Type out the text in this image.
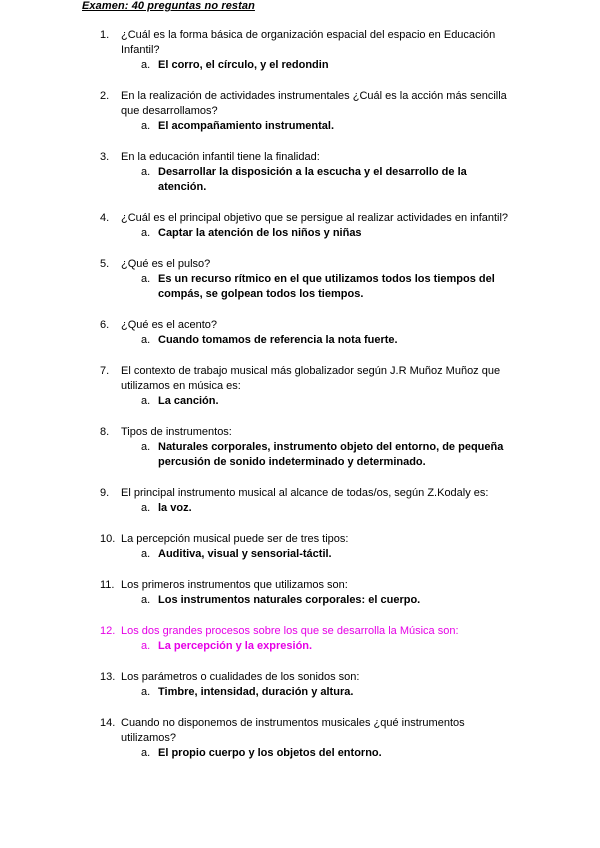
Examen: 40 preguntas no restan
1.	¿Cuál es la forma básica de organización espacial del espacio en Educación Infantil?
a. El corro, el círculo, y el redondin
2.	En la realización de actividades instrumentales ¿Cuál es la acción más sencilla que desarrollamos?
a. El acompañamiento instrumental.
3.	En la educación infantil tiene la finalidad:
a. Desarrollar la disposición a la escucha y el desarrollo de la atención.
4.	¿Cuál es el principal objetivo que se persigue al realizar actividades en infantil?
a. Captar la atención de los niños y niñas
5.	¿Qué es el pulso?
a. Es un recurso rítmico en el que utilizamos todos los tiempos del compás, se golpean todos los tiempos.
6.	¿Qué es el acento?
a. Cuando tomamos de referencia la nota fuerte.
7.	El contexto de trabajo musical más globalizador según J.R Muñoz Muñoz que utilizamos en música es:
a. La canción.
8.	Tipos de instrumentos:
a. Naturales corporales, instrumento objeto del entorno, de pequeña percusión de sonido indeterminado y determinado.
9.	El principal instrumento musical al alcance de todas/os, según Z.Kodaly es:
a. la voz.
10. La percepción musical puede ser de tres tipos:
a. Auditiva, visual y sensorial-táctil.
11. Los primeros instrumentos que utilizamos son:
a. Los instrumentos naturales corporales: el cuerpo.
12. Los dos grandes procesos sobre los que se desarrolla la Música son:
a. La percepción y la expresión.
13. Los parámetros o cualidades de los sonidos son:
a. Timbre, intensidad, duración y altura.
14. Cuando no disponemos de instrumentos musicales ¿qué instrumentos utilizamos?
a. El propio cuerpo y los objetos del entorno.
